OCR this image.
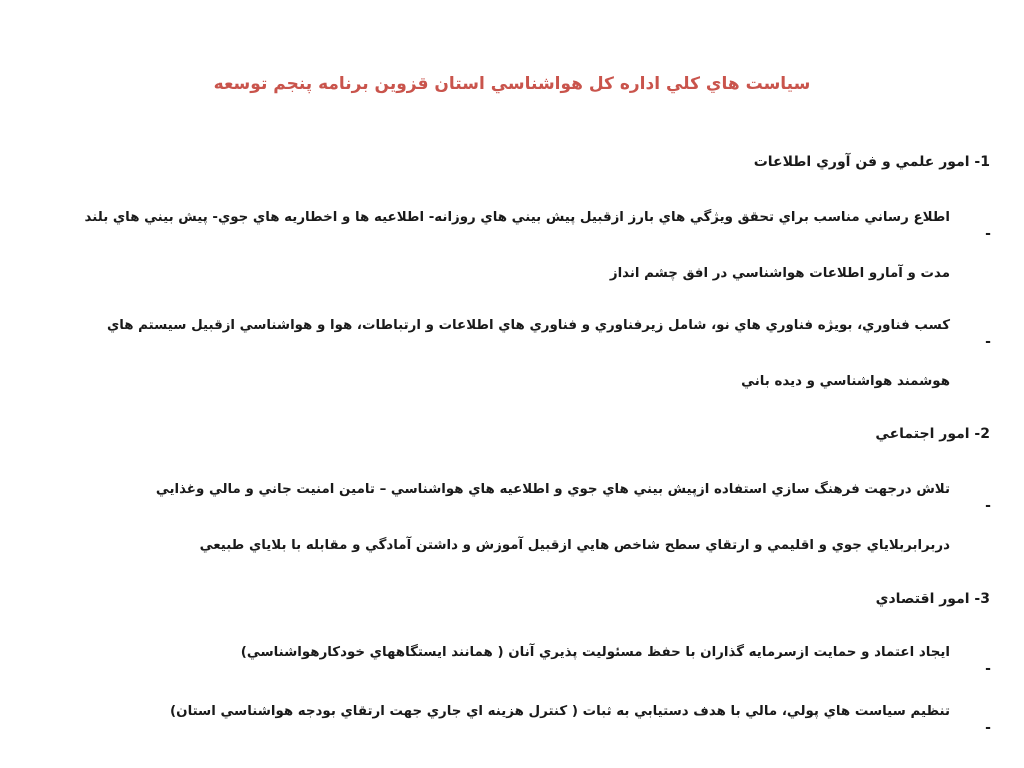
سیاست هاي كلي اداره كل هواشناسي استان قزوين برنامه پنجم توسعه
1- امور علمي و فن آوري اطلاعات
-
اطلاع رساني مناسب براي تحقق ويژگي هاي بارز ازقبيل پيش بيني هاي روزانه- اطلاعيه ها و اخطاريه هاي جوي- پيش بيني هاي بلند مدت و آمارو اطلاعات هواشناسي در افق چشم انداز
-
كسب فناوري، بويژه فناوري هاي نو، شامل زيرفناوري و فناوري هاي اطلاعات و ارتباطات، هوا و هواشناسي ازقبيل سيستم هاي هوشمند هواشناسي و ديده باني
2- امور اجتماعي
-
تلاش درجهت فرهنگ سازي استفاده ازپيش بيني هاي جوي و اطلاعيه هاي هواشناسي – تامين امنيت جاني و مالي وغذايي دربرابربلاياي جوي و اقليمي و ارتقاي سطح شاخص هايي ازقبيل آموزش و داشتن آمادگي و مقابله با بلاياي طبيعي
3- امور اقتصادي
-
ايجاد اعتماد و حمايت ازسرمايه گذاران با حفظ مسئوليت پذيري آنان ( همانند ايستگاههاي خودكارهواشناسي)
-
تنظيم سياست هاي پولي، مالي با هدف دستيابي به ثبات ( كنترل هزينه اي جاري جهت ارتقاي بودجه هواشناسي استان)
